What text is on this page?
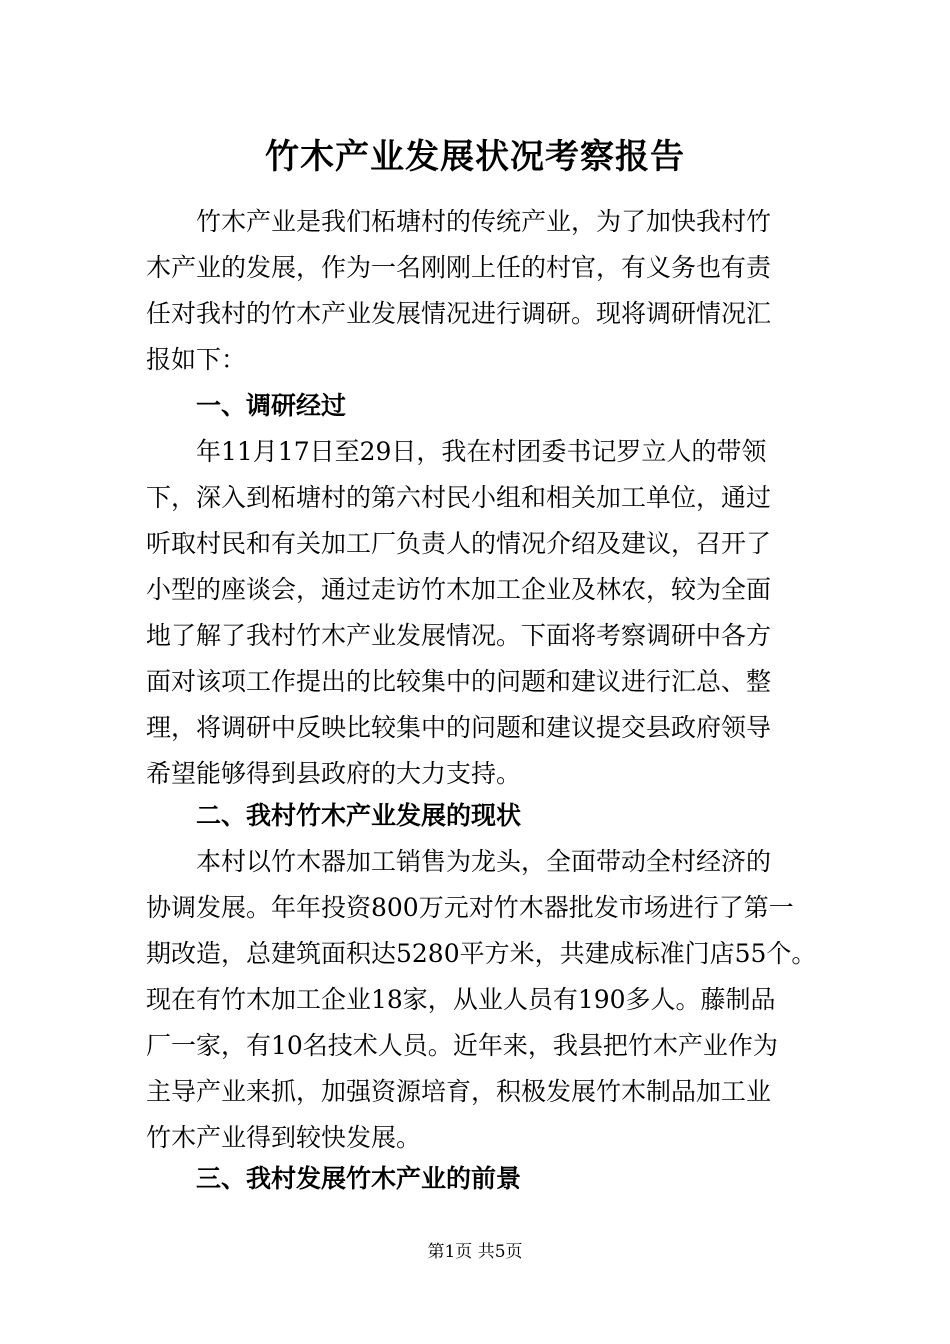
竹木产业发展状况考察报告
竹木产业是我们柘塘村的传统产业，为了加快我村竹
木产业的发展，作为一名刚刚上任的村官，有义务也有责
任对我村的竹木产业发展情况进行调研。现将调研情况汇
报如下：
一、调研经过
年11月17日至29日，我在村团委书记罗立人的带领
下，深入到柘塘村的第六村民小组和相关加工单位，通过
听取村民和有关加工厂负责人的情况介绍及建议，召开了
小型的座谈会，通过走访竹木加工企业及林农，较为全面
地了解了我村竹木产业发展情况。下面将考察调研中各方
面对该项工作提出的比较集中的问题和建议进行汇总、整
理，将调研中反映比较集中的问题和建议提交县政府领导
希望能够得到县政府的大力支持。
二、我村竹木产业发展的现状
本村以竹木器加工销售为龙头，全面带动全村经济的
协调发展。年年投资800万元对竹木器批发市场进行了第一
期改造，总建筑面积达5280平方米，共建成标准门店55个。
现在有竹木加工企业18家，从业人员有190多人。藤制品
厂一家，有10名技术人员。近年来，我县把竹木产业作为
主导产业来抓，加强资源培育，积极发展竹木制品加工业
竹木产业得到较快发展。
三、我村发展竹木产业的前景
第1页 共5页
